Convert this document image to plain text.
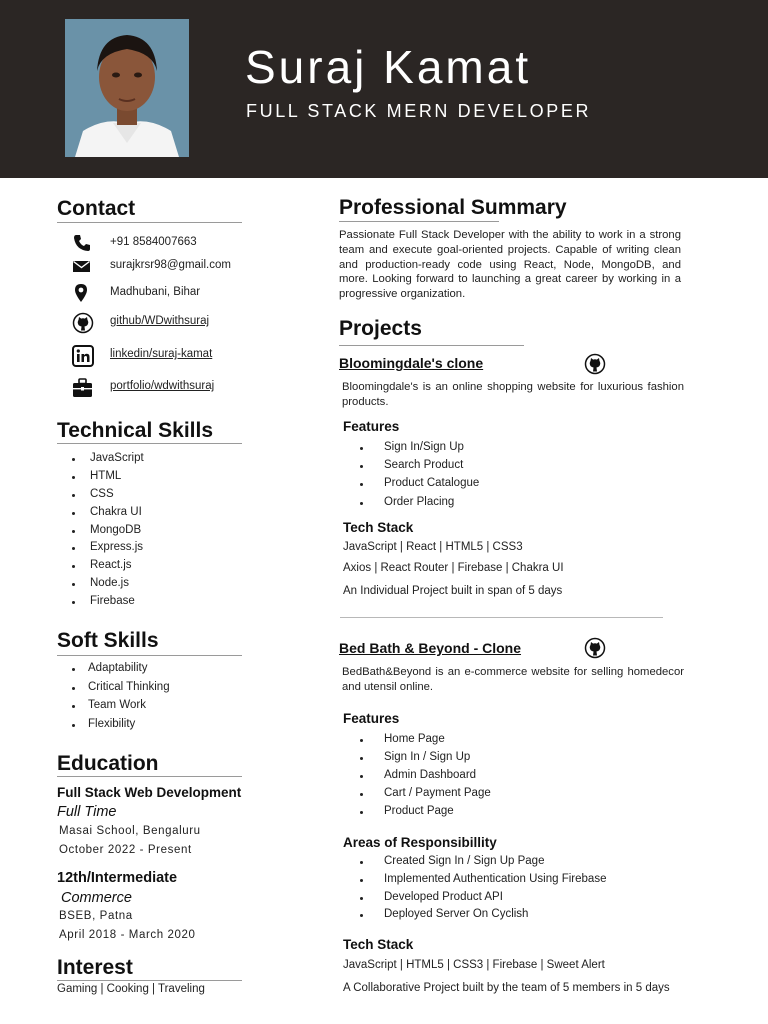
Suraj Kamat
FULL STACK MERN DEVELOPER
Contact
+91 8584007663
surajkrsr98@gmail.com
Madhubani, Bihar
github/WDwithsuraj
linkedin/suraj-kamat
portfolio/wdwithsuraj
Technical Skills
JavaScript
HTML
CSS
Chakra UI
MongoDB
Express.js
React.js
Node.js
Firebase
Soft Skills
Adaptability
Critical Thinking
Team Work
Flexibility
Education
Full Stack Web Development
Full Time
Masai School, Bengaluru
October 2022 - Present
12th/Intermediate
Commerce
BSEB, Patna
April 2018 - March 2020
Interest
Gaming | Cooking | Traveling
Professional Summary
Passionate Full Stack Developer with the ability to work in a strong team and execute goal-oriented projects. Capable of writing clean and production-ready code using React, Node, MongoDB, and more. Looking forward to launching a great career by working in a progressive organization.
Projects
Bloomingdale's clone
Bloomingdale's is an online shopping website for luxurious fashion products.
Features
Sign In/Sign Up
Search Product
Product Catalogue
Order Placing
Tech Stack
JavaScript | React | HTML5 | CSS3
Axios | React Router | Firebase | Chakra UI
An Individual Project built in span of 5 days
Bed Bath & Beyond - Clone
BedBath&Beyond is an e-commerce website for selling homedecor and utensil online.
Features
Home Page
Sign In / Sign Up
Admin Dashboard
Cart / Payment Page
Product Page
Areas of Responsibillity
Created Sign In / Sign Up Page
Implemented Authentication Using Firebase
Developed Product API
Deployed Server On Cyclish
Tech Stack
JavaScript | HTML5 | CSS3 | Firebase | Sweet Alert
A Collaborative Project built by the team of 5 members in 5 days
